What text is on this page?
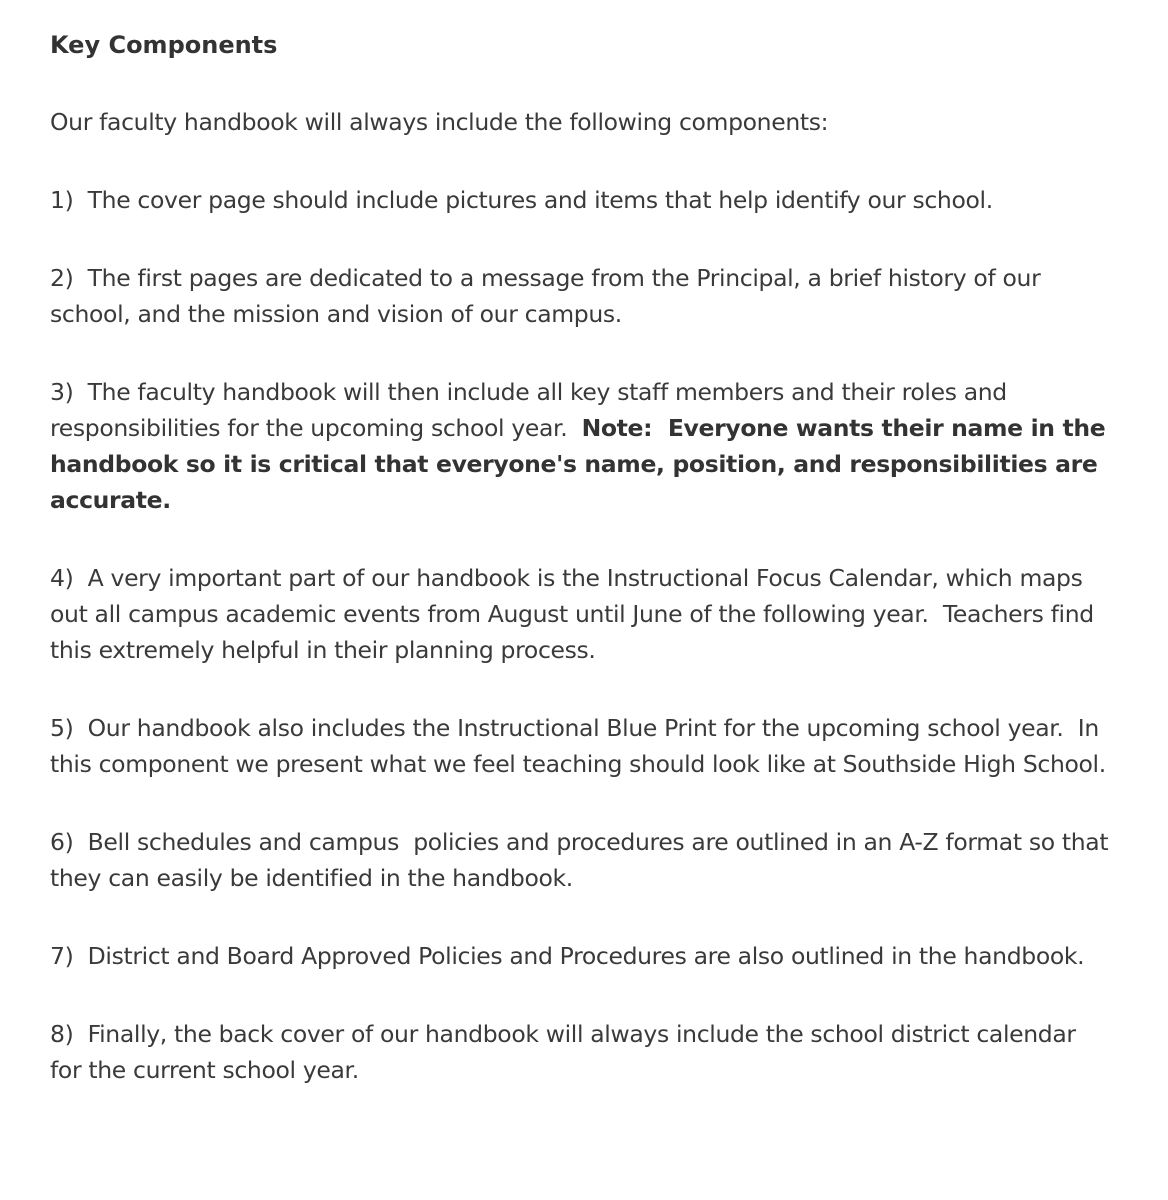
Key Components

Our faculty handbook will always include the following components:

1)  The cover page should include pictures and items that help identify our school.

2)  The first pages are dedicated to a message from the Principal, a brief history of our school, and the mission and vision of our campus.

3)  The faculty handbook will then include all key staff members and their roles and responsibilities for the upcoming school year.  Note:  Everyone wants their name in the handbook so it is critical that everyone's name, position, and responsibilities are accurate.

4)  A very important part of our handbook is the Instructional Focus Calendar, which maps out all campus academic events from August until June of the following year.  Teachers find this extremely helpful in their planning process.

5)  Our handbook also includes the Instructional Blue Print for the upcoming school year.  In this component we present what we feel teaching should look like at Southside High School.

6)  Bell schedules and campus  policies and procedures are outlined in an A-Z format so that they can easily be identified in the handbook.

7)  District and Board Approved Policies and Procedures are also outlined in the handbook.

8)  Finally, the back cover of our handbook will always include the school district calendar for the current school year.
